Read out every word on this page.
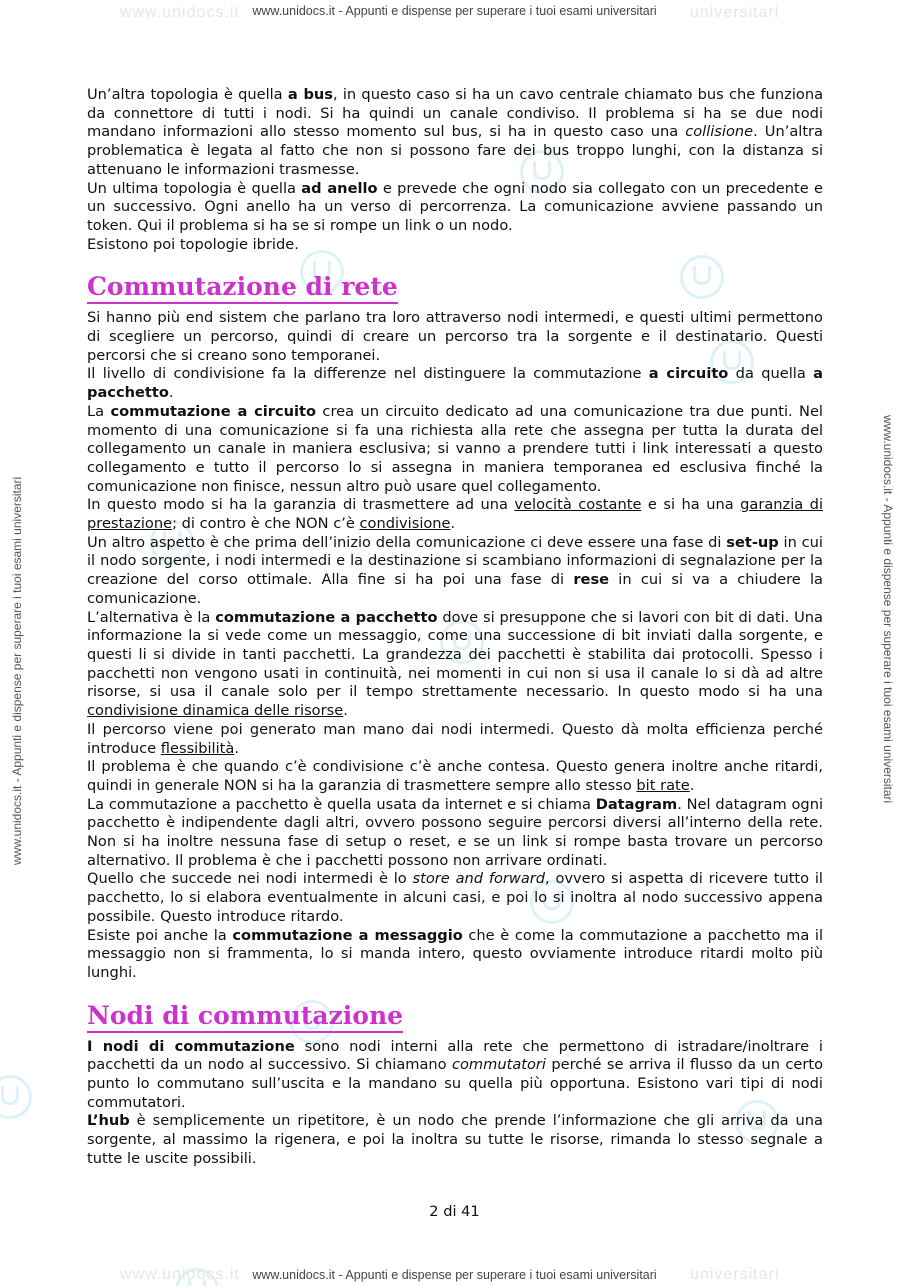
www.unidocs.it	universitari
www.unidocs.it	universitari
www.unidocs.it - Appunti e dispense per superare i tuoi esami universitari
www.unidocs.it - Appunti e dispense per superare i tuoi esami universitari
www.unidocs.it - Appunti e dispense per superare i tuoi esami universitari	www.unidocs.it - Appunti e dispense per superare i tuoi esami universitari

Un’altra topologia è quella a bus, in questo caso si ha un cavo centrale chiamato bus che funziona da connettore di tutti i nodi. Si ha quindi un canale condiviso. Il problema si ha se due nodi mandano informazioni allo stesso momento sul bus, si ha in questo caso una collisione. Un’altra problematica è legata al fatto che non si possono fare dei bus troppo lunghi, con la distanza si attenuano le informazioni trasmesse.

Un ultima topologia è quella ad anello e prevede che ogni nodo sia collegato con un precedente e un successivo. Ogni anello ha un verso di percorrenza. La comunicazione avviene passando un token. Qui il problema si ha se si rompe un link o un nodo.

Esistono poi topologie ibride.

Commutazione di rete

Si hanno più end sistem che parlano tra loro attraverso nodi intermedi, e questi ultimi permettono di scegliere un percorso, quindi di creare un percorso tra la sorgente e il destinatario. Questi percorsi che si creano sono temporanei.

Il livello di condivisione fa la differenze nel distinguere la commutazione a circuito da quella a pacchetto.

La commutazione a circuito crea un circuito dedicato ad una comunicazione tra due punti. Nel momento di una comunicazione si fa una richiesta alla rete che assegna per tutta la durata del collegamento un canale in maniera esclusiva; si vanno a prendere tutti i link interessati a questo collegamento e tutto il percorso lo si assegna in maniera temporanea ed esclusiva finché la comunicazione non finisce, nessun altro può usare quel collegamento.

In questo modo si ha la garanzia di trasmettere ad una velocità costante e si ha una garanzia di prestazione; di contro è che NON c’è condivisione.

Un altro aspetto è che prima dell’inizio della comunicazione ci deve essere una fase di set-up in cui il nodo sorgente, i nodi intermedi e la destinazione si scambiano informazioni di segnalazione per la creazione del corso ottimale. Alla fine si ha poi una fase di rese in cui si va a chiudere la comunicazione.

L’alternativa è la commutazione a pacchetto dove si presuppone che si lavori con bit di dati. Una informazione la si vede come un messaggio, come una successione di bit inviati dalla sorgente, e questi li si divide in tanti pacchetti. La grandezza dei pacchetti è stabilita dai protocolli. Spesso i pacchetti non vengono usati in continuità, nei momenti in cui non si usa il canale lo si dà ad altre risorse, si usa il canale solo per il tempo strettamente necessario. In questo modo si ha una condivisione dinamica delle risorse.

Il percorso viene poi generato man mano dai nodi intermedi. Questo dà molta efficienza perché introduce flessibilità.

Il problema è che quando c’è condivisione c’è anche contesa. Questo genera inoltre anche ritardi, quindi in generale NON si ha la garanzia di trasmettere sempre allo stesso bit rate.

La commutazione a pacchetto è quella usata da internet e si chiama Datagram. Nel datagram ogni pacchetto è indipendente dagli altri, ovvero possono seguire percorsi diversi all’interno della rete. Non si ha inoltre nessuna fase di setup o reset, e se un link si rompe basta trovare un percorso alternativo. Il problema è che i pacchetti possono non arrivare ordinati.

Quello che succede nei nodi intermedi è lo store and forward, ovvero si aspetta di ricevere tutto il pacchetto, lo si elabora eventualmente in alcuni casi, e poi lo si inoltra al nodo successivo appena possibile. Questo introduce ritardo.

Esiste poi anche la commutazione a messaggio che è come la commutazione a pacchetto ma il messaggio non si frammenta, lo si manda intero, questo ovviamente introduce ritardi molto più lunghi.

Nodi di commutazione

I nodi di commutazione sono nodi interni alla rete che permettono di istradare/inoltrare i pacchetti da un nodo al successivo. Si chiamano commutatori perché se arriva il flusso da un certo punto lo commutano sull’uscita e la mandano su quella più opportuna. Esistono vari tipi di nodi commutatori.

L’hub è semplicemente un ripetitore, è un nodo che prende l’informazione che gli arriva da una sorgente, al massimo la rigenera, e poi la inoltra su tutte le risorse, rimanda lo stesso segnale a tutte le uscite possibili.

2 di 41
